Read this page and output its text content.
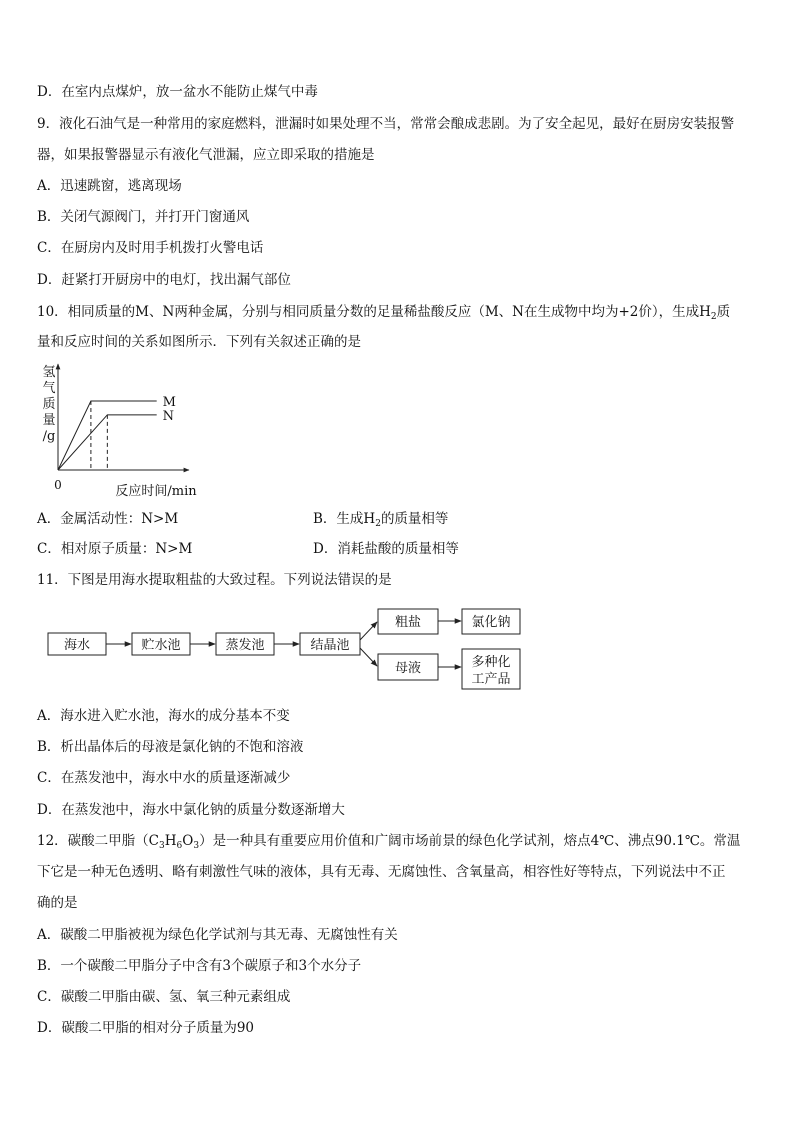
D．在室内点煤炉，放一盆水不能防止煤气中毒
9．液化石油气是一种常用的家庭燃料，泄漏时如果处理不当，常常会酿成悲剧。为了安全起见，最好在厨房安装报警
器，如果报警器显示有液化气泄漏，应立即采取的措施是
A．迅速跳窗，逃离现场
B．关闭气源阀门，并打开门窗通风
C．在厨房内及时用手机拨打火警电话
D．赶紧打开厨房中的电灯，找出漏气部位
10．相同质量的M、N两种金属，分别与相同质量分数的足量稀盐酸反应（M、N在生成物中均为+2价），生成$H_2$质
量和反应时间的关系如图所示．下列有关叙述正确的是
M
N
氢
气
质
量
/g
0	反应时间/min
A．金属活动性：N>M	B．生成$H_2$的质量相等
C．相对原子质量：N>M	D．消耗盐酸的质量相等
11．下图是用海水提取粗盐的大致过程。下列说法错误的是
海水	贮水池	蒸发池	结晶池
粗盐	氯化钠
母液	多种化
工产品
A．海水进入贮水池，海水的成分基本不变
B．析出晶体后的母液是氯化钠的不饱和溶液
C．在蒸发池中，海水中水的质量逐渐减少
D．在蒸发池中，海水中氯化钠的质量分数逐渐增大
12．碳酸二甲脂$(C_3H_6O_3)$是一种具有重要应用价值和广阔市场前景的绿色化学试剂，熔点4℃、沸点90.1℃。常温
下它是一种无色透明、略有刺激性气味的液体，具有无毒、无腐蚀性、含氧量高，相容性好等特点，下列说法中不正
确的是
A．碳酸二甲脂被视为绿色化学试剂与其无毒、无腐蚀性有关
B．一个碳酸二甲脂分子中含有3个碳原子和3个水分子
C．碳酸二甲脂由碳、氢、氧三种元素组成
D．碳酸二甲脂的相对分子质量为90
